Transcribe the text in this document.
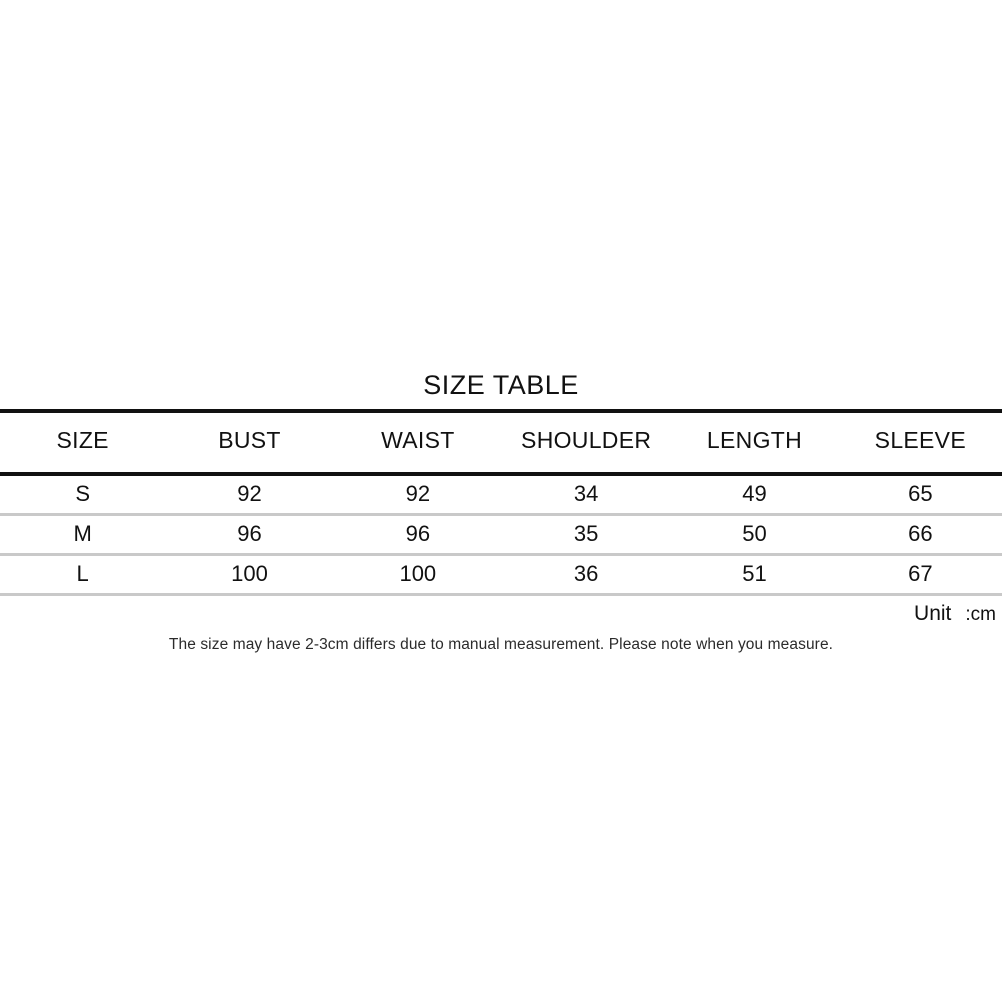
SIZE TABLE
SIZE	BUST	WAIST	SHOULDER	LENGTH	SLEEVE
S	92	92	34	49	65

M	96	96	35	50	66

L	100	100	36	51	67
Unit :cm
The size may have 2-3cm differs due to manual measurement. Please note when you measure.
